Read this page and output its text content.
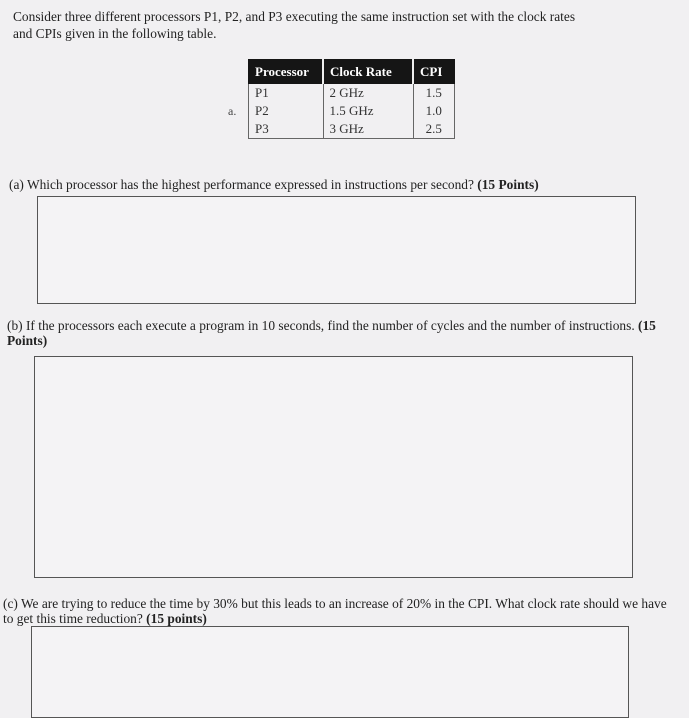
Consider three different processors P1, P2, and P3 executing the same instruction set with the clock rates
and CPIs given in the following table.
a.
Processor	Clock Rate	CPI
P1	2 GHz	1.5
P2	1.5 GHz	1.0
P3	3 GHz	2.5
(a) Which processor has the highest performance expressed in instructions per second? (15 Points)
(b) If the processors each execute a program in 10 seconds, find the number of cycles and the number of instructions. (15 Points)
(c) We are trying to reduce the time by 30% but this leads to an increase of 20% in the CPI. What clock rate should we have to get this time reduction? (15 points)
